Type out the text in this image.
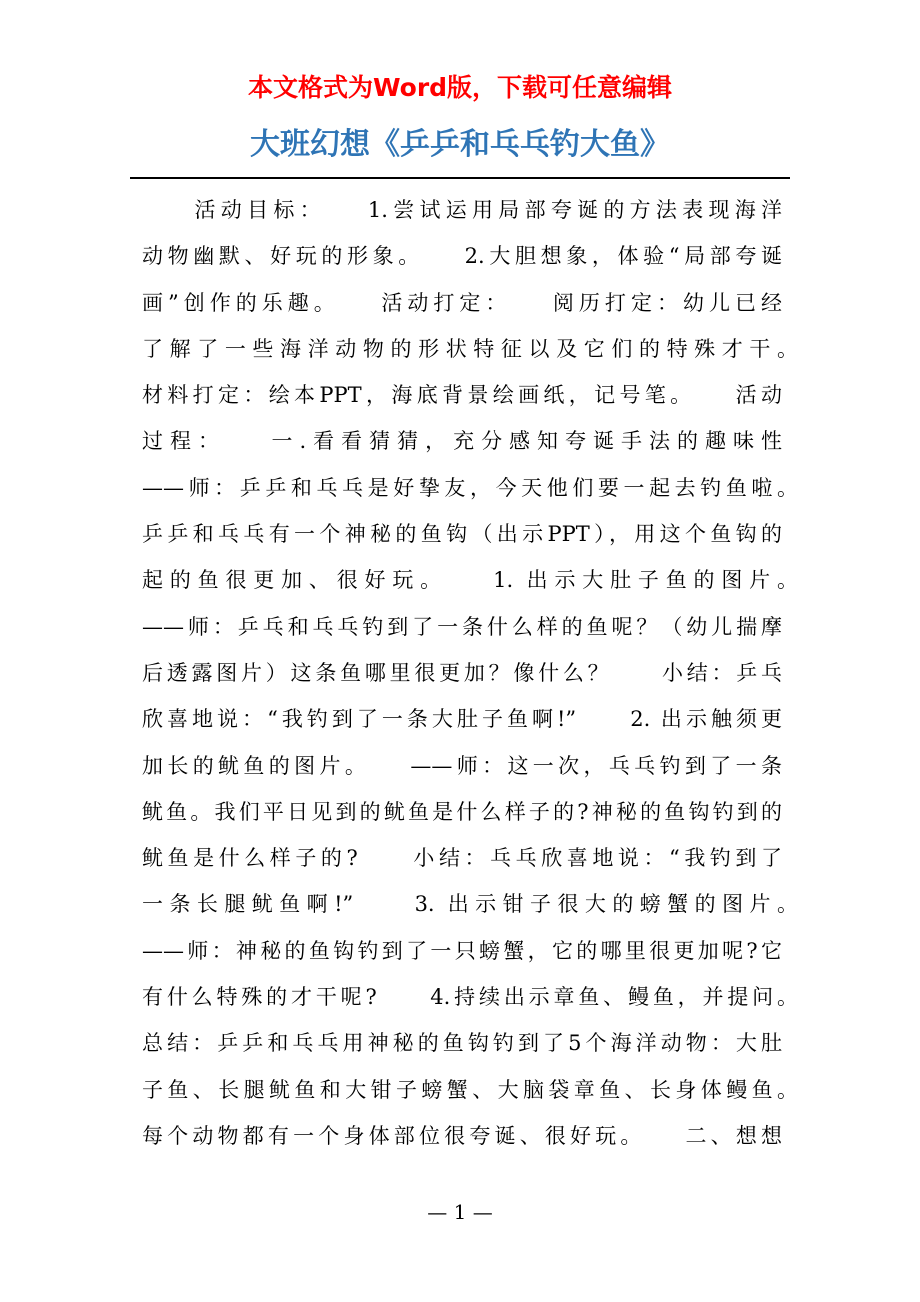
本文格式为Word版，下载可任意编辑
大班幻想《乒乒和乓乓钓大鱼》
　　活动目标：　　1.尝试运用局部夸诞的方法表现海洋
动物幽默、好玩的形象。　　2.大胆想象，体验“局部夸诞
画”创作的乐趣。　　活动打定：　　阅历打定：幼儿已经
了解了一些海洋动物的形状特征以及它们的特殊才干。
材料打定：绘本PPT，海底背景绘画纸，记号笔。　　活动
过程：　　一.看看猜猜，充分感知夸诞手法的趣味性
——师：乒乒和乓乓是好挚友，今天他们要一起去钓鱼啦。
乒乒和乓乓有一个神秘的鱼钩（出示PPT），用这个鱼钩的
起的鱼很更加、很好玩。　　1. 出示大肚子鱼的图片。
——师：乒乓和乓乓钓到了一条什么样的鱼呢？（幼儿揣摩
后透露图片）这条鱼哪里很更加？像什么？　　小结：乒乓
欣喜地说：“我钓到了一条大肚子鱼啊!”　　2. 出示触须更
加长的鱿鱼的图片。　　——师：这一次，乓乓钓到了一条
鱿鱼。我们平日见到的鱿鱼是什么样子的?神秘的鱼钩钓到的
鱿鱼是什么样子的?　　小结：乓乓欣喜地说：“我钓到了
一条长腿鱿鱼啊!”　　3. 出示钳子很大的螃蟹的图片。
——师：神秘的鱼钩钓到了一只螃蟹，它的哪里很更加呢?它
有什么特殊的才干呢?　　4.持续出示章鱼、鳗鱼，并提问。
总结：乒乒和乓乓用神秘的鱼钩钓到了5个海洋动物：大肚
子鱼、长腿鱿鱼和大钳子螃蟹、大脑袋章鱼、长身体鳗鱼。
每个动物都有一个身体部位很夸诞、很好玩。　　二、想想
— 1 —
